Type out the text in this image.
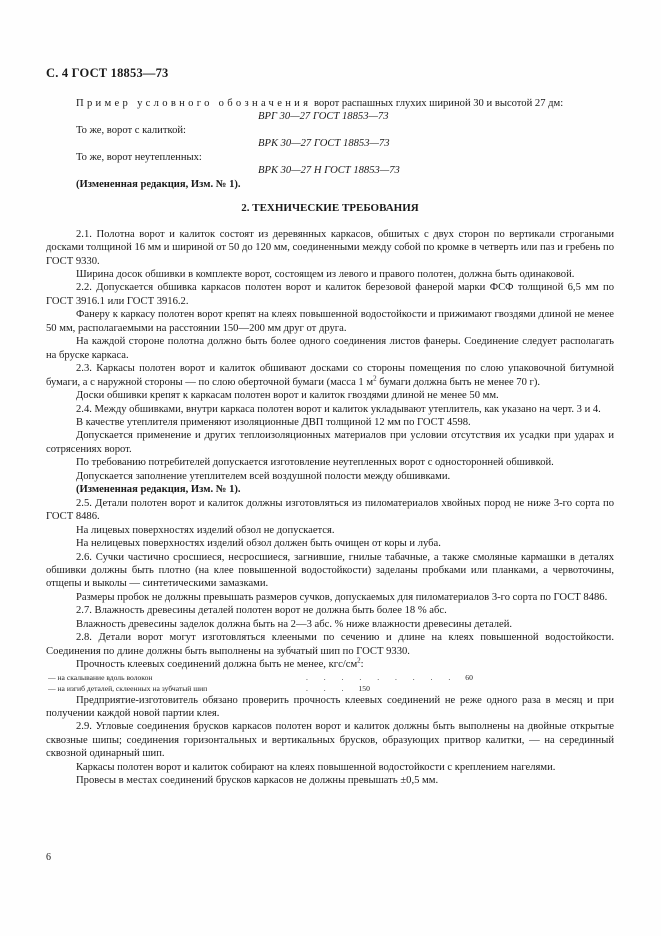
С. 4 ГОСТ 18853—73

Пример условного обозначения ворот распашных глухих шириной 30 и высотой 27 дм:

ВРГ 30—27 ГОСТ 18853—73

То же, ворот с калиткой:

ВРК 30—27 ГОСТ 18853—73

То же, ворот неутепленных:

ВРК 30—27 Н ГОСТ 18853—73

(Измененная редакция, Изм. № 1).

2. ТЕХНИЧЕСКИЕ ТРЕБОВАНИЯ

2.1. Полотна ворот и калиток состоят из деревянных каркасов, обшитых с двух сторон по вертикали строгаными досками толщиной 16 мм и шириной от 50 до 120 мм, соединенными между собой по кромке в четверть или паз и гребень по ГОСТ 9330.

Ширина досок обшивки в комплекте ворот, состоящем из левого и правого полотен, должна быть одинаковой.

2.2. Допускается обшивка каркасов полотен ворот и калиток березовой фанерой марки ФСФ толщиной 6,5 мм по ГОСТ 3916.1 или ГОСТ 3916.2.

Фанеру к каркасу полотен ворот крепят на клеях повышенной водостойкости и прижимают гвоздями длиной не менее 50 мм, располагаемыми на расстоянии 150—200 мм друг от друга.

На каждой стороне полотна должно быть более одного соединения листов фанеры. Соединение следует располагать на бруске каркаса.

2.3. Каркасы полотен ворот и калиток обшивают досками со стороны помещения по слою упаковочной битумной бумаги, а с наружной стороны — по слою оберточной бумаги (масса 1 $м^2$ бумаги должна быть не менее 70 г).

Доски обшивки крепят к каркасам полотен ворот и калиток гвоздями длиной не менее 50 мм.

2.4. Между обшивками, внутри каркаса полотен ворот и калиток укладывают утеплитель, как указано на черт. 3 и 4.

В качестве утеплителя применяют изоляционные ДВП толщиной 12 мм по ГОСТ 4598.

Допускается применение и других теплоизоляционных материалов при условии отсутствия их усадки при ударах и сотрясениях ворот.

По требованию потребителей допускается изготовление неутепленных ворот с односторонней обшивкой.

Допускается заполнение утеплителем всей воздушной полости между обшивками.

(Измененная редакция, Изм. № 1).

2.5. Детали полотен ворот и калиток должны изготовляться из пиломатериалов хвойных пород не ниже 3-го сорта по ГОСТ 8486.

На лицевых поверхностях изделий обзол не допускается.

На нелицевых поверхностях изделий обзол должен быть очищен от коры и луба.

2.6. Сучки частично сросшиеся, несросшиеся, загнившие, гнилые табачные, а также смоляные кармашки в деталях обшивки должны быть плотно (на клее повышенной водостойкости) заделаны пробками или планками, а червоточины, отщепы и выколы — синтетическими замазками.

Размеры пробок не должны превышать размеров сучков, допускаемых для пиломатериалов 3-го сорта по ГОСТ 8486.

2.7. Влажность древесины деталей полотен ворот не должна быть более 18 % абс.

Влажность древесины заделок должна быть на 2—3 абс. % ниже влажности древесины деталей.

2.8. Детали ворот могут изготовляться клееными по сечению и длине на клеях повышенной водостойкости. Соединения по длине должны быть выполнены на зубчатый шип по ГОСТ 9330.

Прочность клеевых соединений должна быть не менее, кгс/$см^2$:

— на скалывание вдоль волокон	. . . . . . . . . 60
— на изгиб деталей, склеенных на зубчатый шип	. . . 150

Предприятие-изготовитель обязано проверить прочность клеевых соединений не реже одного раза в месяц и при получении каждой новой партии клея.

2.9. Угловые соединения брусков каркасов полотен ворот и калиток должны быть выполнены на двойные открытые сквозные шипы; соединения горизонтальных и вертикальных брусков, образующих притвор калитки, — на серединный сквозной одинарный шип.

Каркасы полотен ворот и калиток собирают на клеях повышенной водостойкости с креплением нагелями.

Провесы в местах соединений брусков каркасов не должны превышать ±0,5 мм.

6
